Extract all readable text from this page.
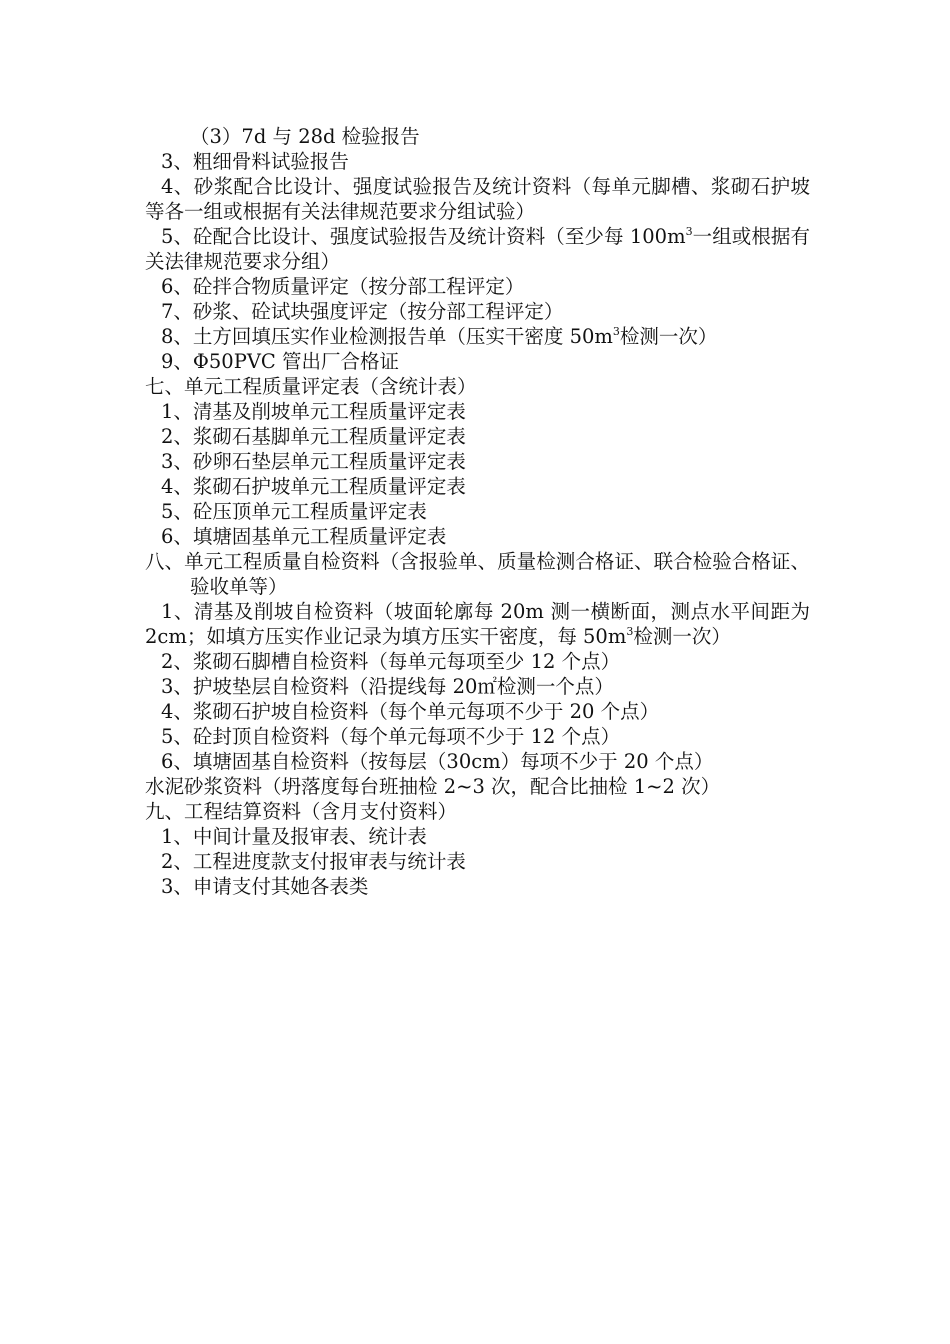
（3）7d 与 28d 检验报告
3、粗细骨料试验报告
4、砂浆配合比设计、强度试验报告及统计资料（每单元脚槽、浆砌石护坡等各一组或根据有关法律规范要求分组试验）
5、砼配合比设计、强度试验报告及统计资料（至少每 $100m^3$一组或根据有关法律规范要求分组）
6、砼拌合物质量评定（按分部工程评定）
7、砂浆、砼试块强度评定（按分部工程评定）
8、土方回填压实作业检测报告单（压实干密度 $50m^3$检测一次）
9、Φ50PVC 管出厂合格证
七、单元工程质量评定表（含统计表）
1、清基及削坡单元工程质量评定表
2、浆砌石基脚单元工程质量评定表
3、砂卵石垫层单元工程质量评定表
4、浆砌石护坡单元工程质量评定表
5、砼压顶单元工程质量评定表
6、填塘固基单元工程质量评定表
八、单元工程质量自检资料（含报验单、质量检测合格证、联合检验合格证、验收单等）
1、清基及削坡自检资料（坡面轮廓每 20m 测一横断面，测点水平间距为 2cm；如填方压实作业记录为填方压实干密度，每 $50m^3$检测一次）
2、浆砌石脚槽自检资料（每单元每项至少 12 个点）
3、护坡垫层自检资料（沿提线每 20㎡检测一个点）
4、浆砌石护坡自检资料（每个单元每项不少于 20 个点）
5、砼封顶自检资料（每个单元每项不少于 12 个点）
6、填塘固基自检资料（按每层（30cm）每项不少于 20 个点）
水泥砂浆资料（坍落度每台班抽检 2~3 次，配合比抽检 1~2 次）
九、工程结算资料（含月支付资料）
1、中间计量及报审表、统计表
2、工程进度款支付报审表与统计表
3、申请支付其她各表类
